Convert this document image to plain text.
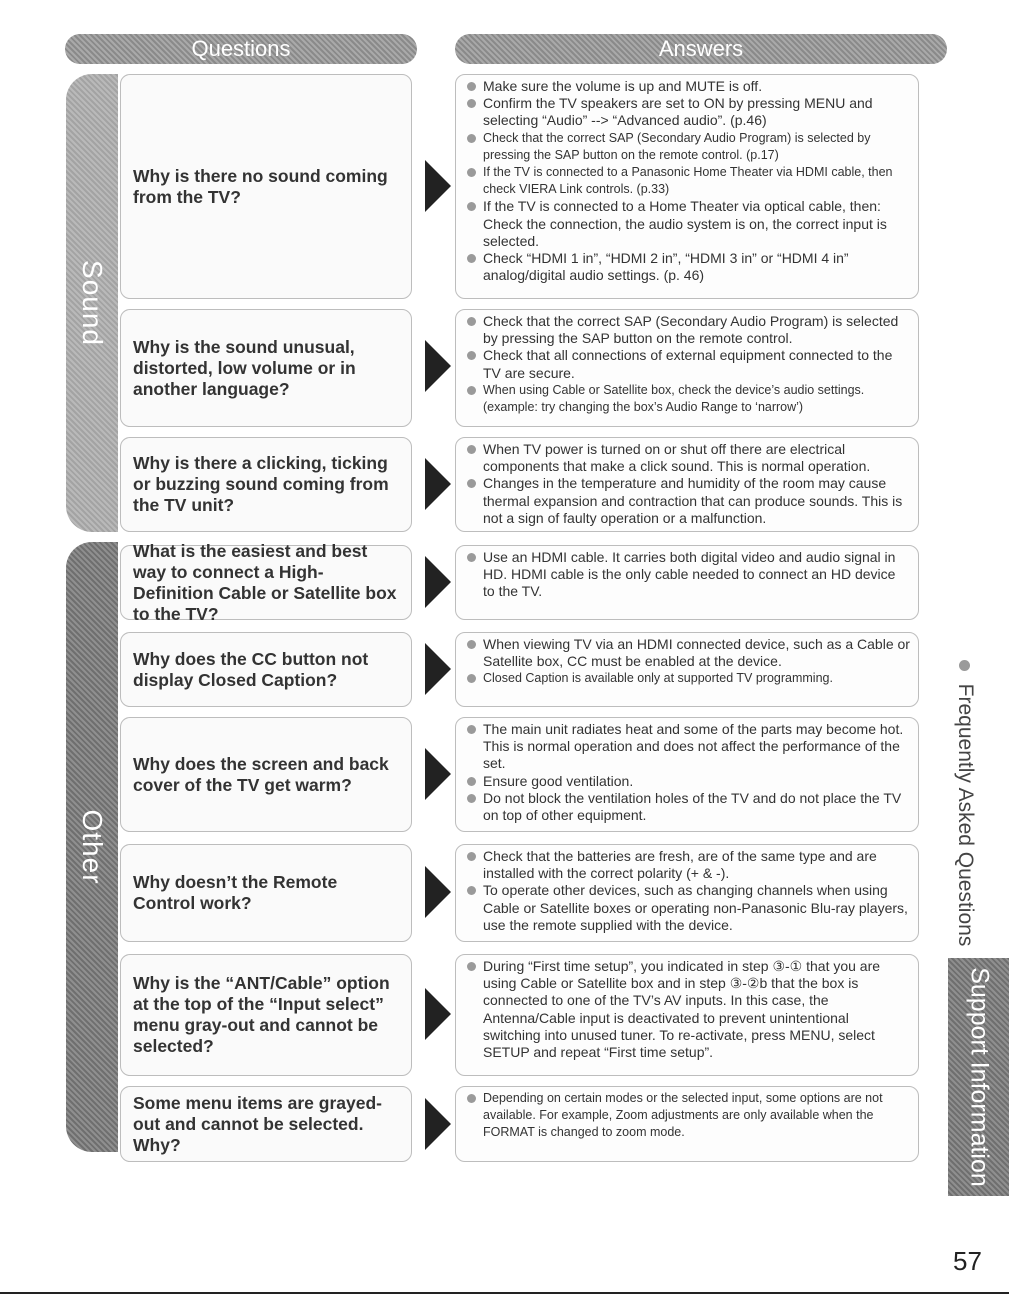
Questions	Answers
Sound
Other
Why is there no sound coming from the TV?
Make sure the volume is up and MUTE is off.
Confirm the TV speakers are set to ON by pressing MENU and selecting “Audio” --> “Advanced audio”. (p.46)
Check that the correct SAP (Secondary Audio Program) is selected by pressing the SAP button on the remote control. (p.17)
If the TV is connected to a Panasonic Home Theater via HDMI cable, then check VIERA Link controls. (p.33)
If the TV is connected to a Home Theater via optical cable, then: Check the connection, the audio system is on, the correct input is selected.
Check “HDMI 1 in”, “HDMI 2 in”, “HDMI 3 in” or “HDMI 4 in” analog/digital audio settings. (p. 46)
Why is the sound unusual, distorted, low volume or in another language?
Check that the correct SAP (Secondary Audio Program) is selected by pressing the SAP button on the remote control.
Check that all connections of external equipment connected to the TV are secure.
When using Cable or Satellite box, check the device’s audio settings. (example: try changing the box’s Audio Range to ‘narrow’)
Why is there a clicking, ticking or buzzing sound coming from the TV unit?
When TV power is turned on or shut off there are electrical components that make a click sound. This is normal operation.
Changes in the temperature and humidity of the room may cause thermal expansion and contraction that can produce sounds. This is not a sign of faulty operation or a malfunction.
What is the easiest and best way to connect a High-Definition Cable or Satellite box to the TV?
Use an HDMI cable. It carries both digital video and audio signal in HD. HDMI cable is the only cable needed to connect an HD device to the TV.
Why does the CC button not display Closed Caption?
When viewing TV via an HDMI connected device, such as a Cable or Satellite box, CC must be enabled at the device.
Closed Caption is available only at supported TV programming.
Why does the screen and back cover of the TV get warm?
The main unit radiates heat and some of the parts may become hot. This is normal operation and does not affect the performance of the set.
Ensure good ventilation.
Do not block the ventilation holes of the TV and do not place the TV on top of other equipment.
Why doesn’t the Remote Control work?
Check that the batteries are fresh, are of the same type and are installed with the correct polarity (+ & -).
To operate other devices, such as changing channels when using Cable or Satellite boxes or operating non-Panasonic Blu-ray players, use the remote supplied with the device.
Why is the “ANT/Cable” option at the top of the “Input select” menu gray-out and cannot be selected?
During “First time setup”, you indicated in step ③-① that you are using Cable or Satellite box and in step ③-②b that the box is connected to one of the TV’s AV inputs. In this case, the Antenna/Cable input is deactivated to prevent unintentional switching into unused tuner. To re-activate, press MENU, select SETUP and repeat “First time setup”.
Some menu items are grayed-out and cannot be selected. Why?
Depending on certain modes or the selected input, some options are not available. For example, Zoom adjustments are only available when the FORMAT is changed to zoom mode.
Frequently Asked Questions
Support Information
57
